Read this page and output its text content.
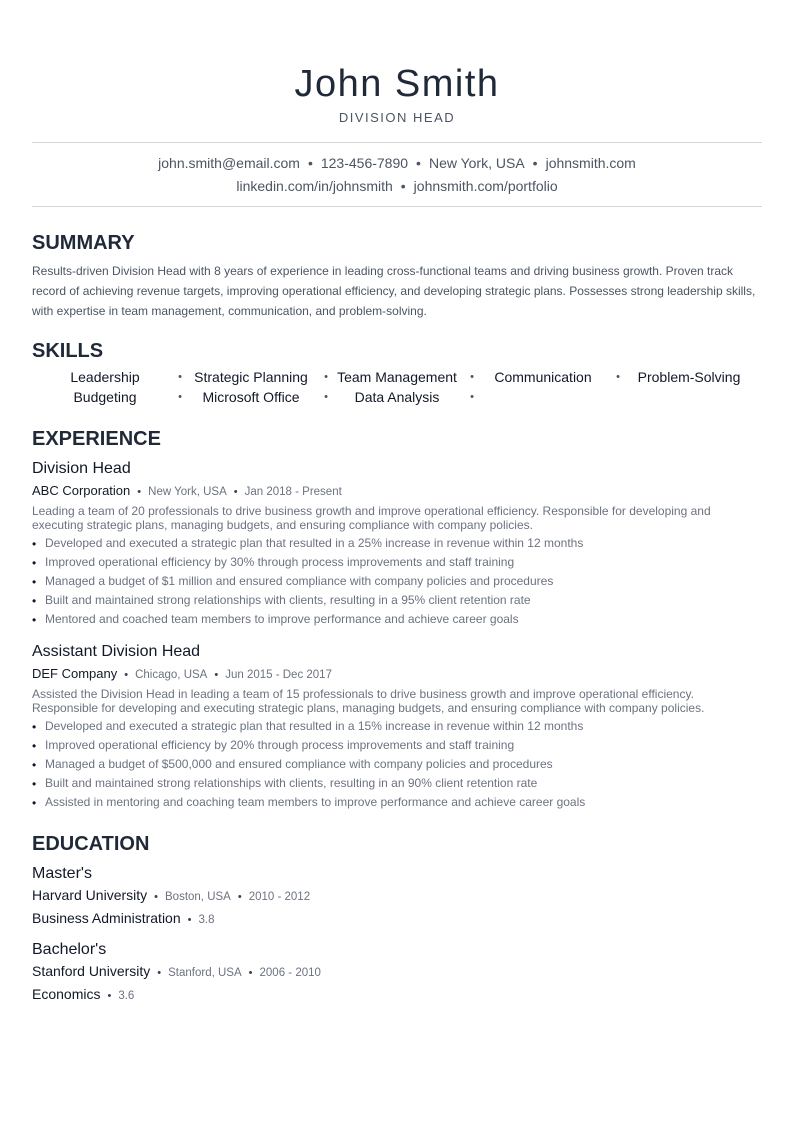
John Smith
DIVISION HEAD
john.smith@email.com • 123-456-7890 • New York, USA • johnsmith.com
linkedin.com/in/johnsmith • johnsmith.com/portfolio
SUMMARY
Results-driven Division Head with 8 years of experience in leading cross-functional teams and driving business growth. Proven track record of achieving revenue targets, improving operational efficiency, and developing strategic plans. Possesses strong leadership skills, with expertise in team management, communication, and problem-solving.
SKILLS
Leadership •	Strategic Planning •	Team Management •	Communication •	Problem-Solving
Budgeting •	Microsoft Office •	Data Analysis •
EXPERIENCE
Division Head
ABC Corporation • New York, USA • Jan 2018 - Present
Leading a team of 20 professionals to drive business growth and improve operational efficiency. Responsible for developing and executing strategic plans, managing budgets, and ensuring compliance with company policies.
• Developed and executed a strategic plan that resulted in a 25% increase in revenue within 12 months
• Improved operational efficiency by 30% through process improvements and staff training
• Managed a budget of $1 million and ensured compliance with company policies and procedures
• Built and maintained strong relationships with clients, resulting in a 95% client retention rate
• Mentored and coached team members to improve performance and achieve career goals
Assistant Division Head
DEF Company • Chicago, USA • Jun 2015 - Dec 2017
Assisted the Division Head in leading a team of 15 professionals to drive business growth and improve operational efficiency. Responsible for developing and executing strategic plans, managing budgets, and ensuring compliance with company policies.
• Developed and executed a strategic plan that resulted in a 15% increase in revenue within 12 months
• Improved operational efficiency by 20% through process improvements and staff training
• Managed a budget of $500,000 and ensured compliance with company policies and procedures
• Built and maintained strong relationships with clients, resulting in an 90% client retention rate
• Assisted in mentoring and coaching team members to improve performance and achieve career goals
EDUCATION
Master's
Harvard University • Boston, USA • 2010 - 2012
Business Administration • 3.8
Bachelor's
Stanford University • Stanford, USA • 2006 - 2010
Economics • 3.6
